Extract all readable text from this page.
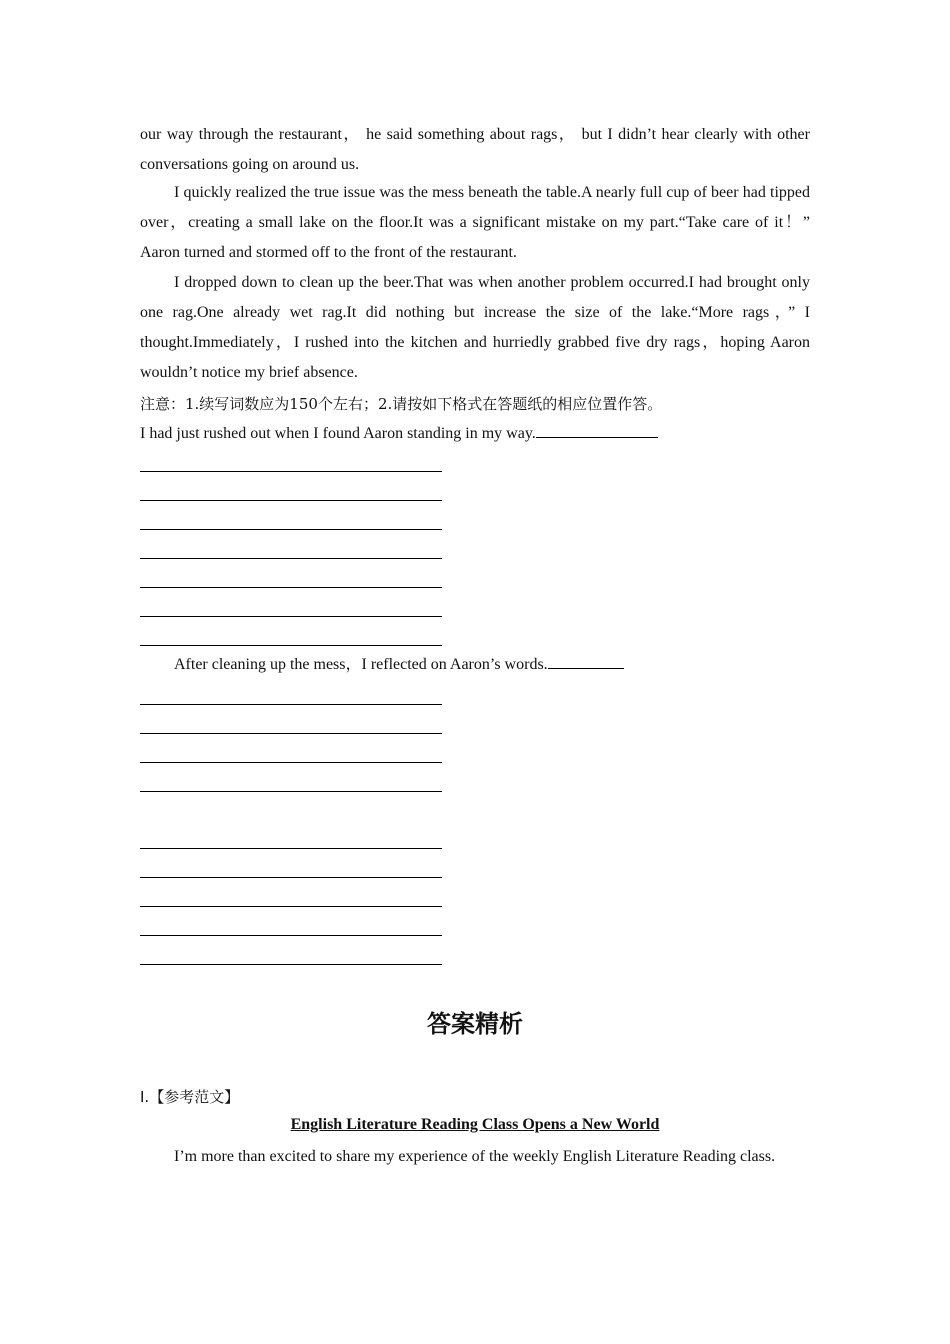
our way through the restaurant， he said something about rags， but I didn’t hear clearly with other conversations going on around us.
I quickly realized the true issue was the mess beneath the table.A nearly full cup of beer had tipped over，creating a small lake on the floor.It was a significant mistake on my part.“Take care of it！” Aaron turned and stormed off to the front of the restaurant.
I dropped down to clean up the beer.That was when another problem occurred.I had brought only one rag.One already wet rag.It did nothing but increase the size of the lake.“More rags，” I thought.Immediately，I rushed into the kitchen and hurriedly grabbed five dry rags，hoping Aaron wouldn’t notice my brief absence.
注意：1.续写词数应为150个左右；2.请按如下格式在答题纸的相应位置作答。
I had just rushed out when I found Aaron standing in my way.
After cleaning up the mess，I reflected on Aaron’s words.
答案精析
Ⅰ.【参考范文】
English Literature Reading Class Opens a New World
I’m more than excited to share my experience of the weekly English Literature Reading class.
